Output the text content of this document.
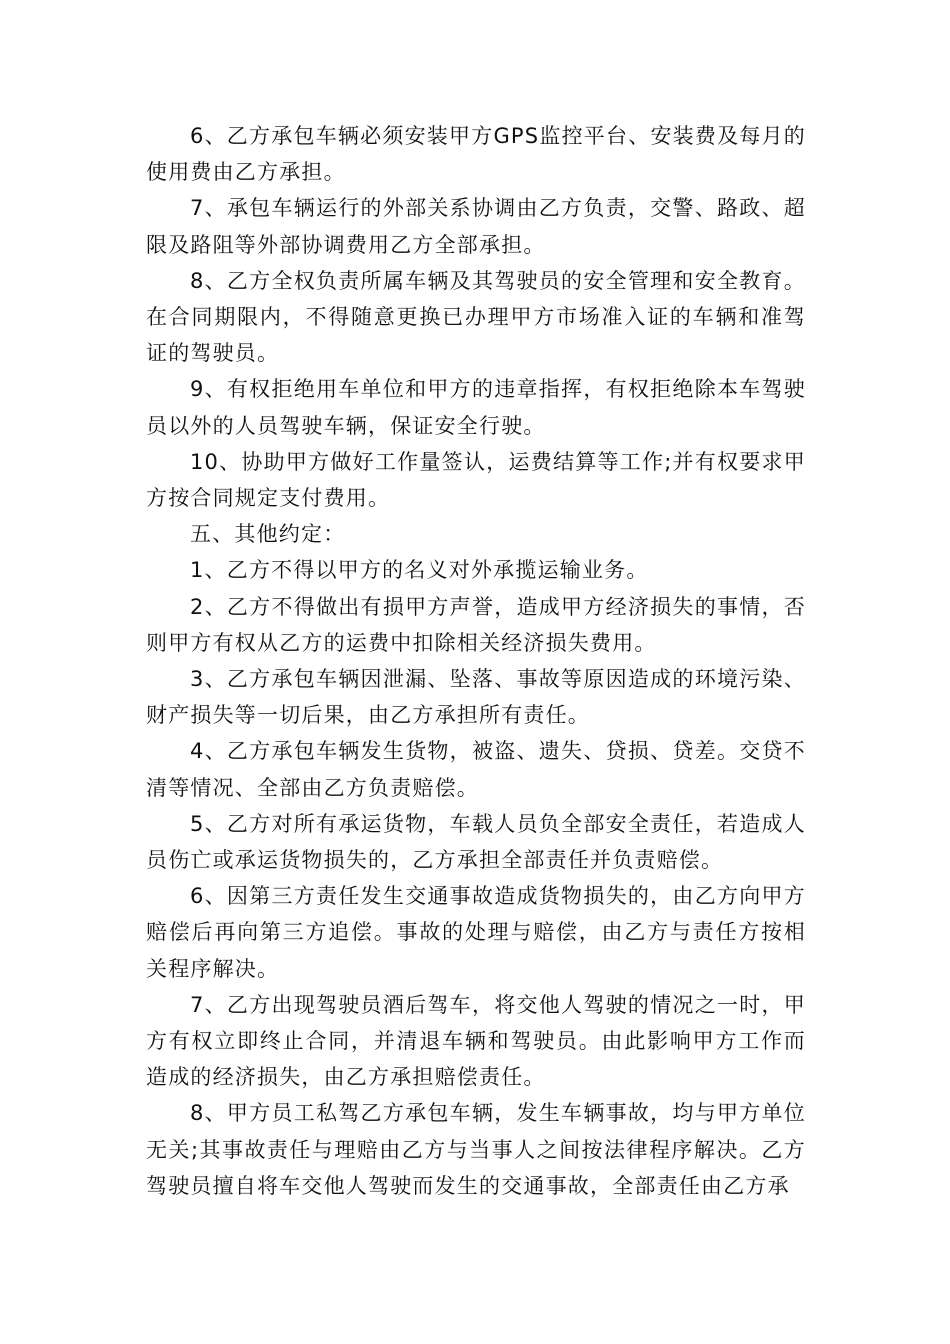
6、乙方承包车辆必须安装甲方GPS监控平台、安装费及每月的使用费由乙方承担。

7、承包车辆运行的外部关系协调由乙方负责，交警、路政、超限及路阻等外部协调费用乙方全部承担。

8、乙方全权负责所属车辆及其驾驶员的安全管理和安全教育。在合同期限内，不得随意更换已办理甲方市场准入证的车辆和准驾证的驾驶员。

9、有权拒绝用车单位和甲方的违章指挥，有权拒绝除本车驾驶员以外的人员驾驶车辆，保证安全行驶。

10、协助甲方做好工作量签认，运费结算等工作;并有权要求甲方按合同规定支付费用。

五、其他约定：

1、乙方不得以甲方的名义对外承揽运输业务。

2、乙方不得做出有损甲方声誉，造成甲方经济损失的事情，否则甲方有权从乙方的运费中扣除相关经济损失费用。

3、乙方承包车辆因泄漏、坠落、事故等原因造成的环境污染、财产损失等一切后果，由乙方承担所有责任。

4、乙方承包车辆发生货物，被盗、遗失、贷损、贷差。交贷不清等情况、全部由乙方负责赔偿。

5、乙方对所有承运货物，车载人员负全部安全责任，若造成人员伤亡或承运货物损失的，乙方承担全部责任并负责赔偿。

6、因第三方责任发生交通事故造成货物损失的，由乙方向甲方赔偿后再向第三方追偿。事故的处理与赔偿，由乙方与责任方按相关程序解决。

7、乙方出现驾驶员酒后驾车，将交他人驾驶的情况之一时，甲方有权立即终止合同，并清退车辆和驾驶员。由此影响甲方工作而造成的经济损失，由乙方承担赔偿责任。

8、甲方员工私驾乙方承包车辆，发生车辆事故，均与甲方单位无关;其事故责任与理赔由乙方与当事人之间按法律程序解决。乙方驾驶员擅自将车交他人驾驶而发生的交通事故，全部责任由乙方承
